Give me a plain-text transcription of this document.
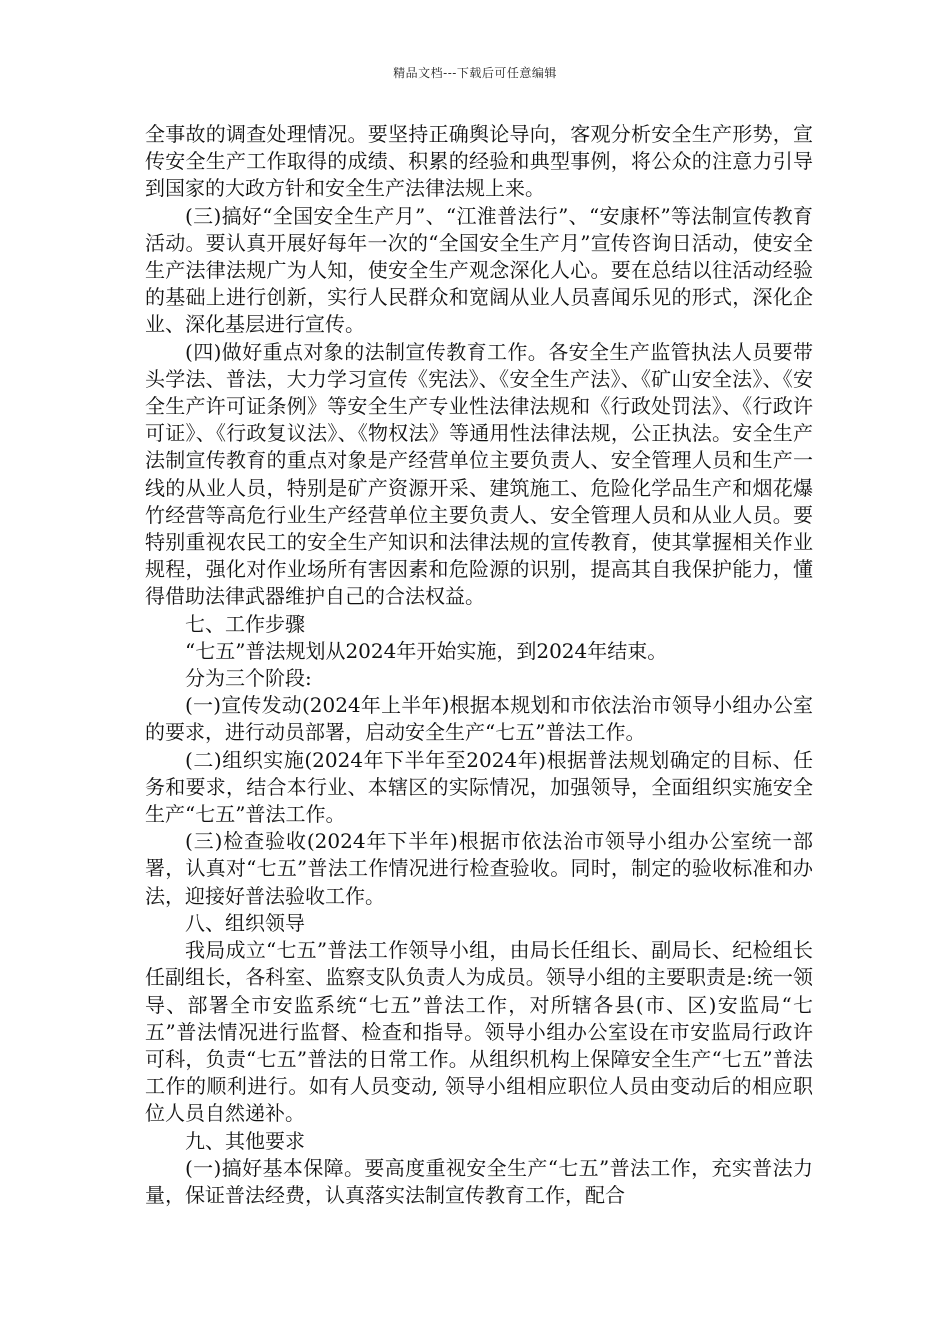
精品文档---下载后可任意编辑

全事故的调查处理情况。要坚持正确舆论导向，客观分析安全生产形势，宣传安全生产工作取得的成绩、积累的经验和典型事例，将公众的注意力引导到国家的大政方针和安全生产法律法规上来。

(三)搞好“全国安全生产月”、“江淮普法行”、“安康杯”等法制宣传教育活动。要认真开展好每年一次的“全国安全生产月”宣传咨询日活动，使安全生产法律法规广为人知，使安全生产观念深化人心。要在总结以往活动经验的基础上进行创新，实行人民群众和宽阔从业人员喜闻乐见的形式，深化企业、深化基层进行宣传。

(四)做好重点对象的法制宣传教育工作。各安全生产监管执法人员要带头学法、普法，大力学习宣传《宪法》、《安全生产法》、《矿山安全法》、《安全生产许可证条例》等安全生产专业性法律法规和《行政处罚法》、《行政许可证》、《行政复议法》、《物权法》等通用性法律法规，公正执法。安全生产法制宣传教育的重点对象是产经营单位主要负责人、安全管理人员和生产一线的从业人员，特别是矿产资源开采、建筑施工、危险化学品生产和烟花爆竹经营等高危行业生产经营单位主要负责人、安全管理人员和从业人员。要特别重视农民工的安全生产知识和法律法规的宣传教育，使其掌握相关作业规程，强化对作业场所有害因素和危险源的识别，提高其自我保护能力，懂得借助法律武器维护自己的合法权益。

七、工作步骤

“七五”普法规划从2024年开始实施，到2024年结束。

分为三个阶段:

(一)宣传发动(2024年上半年)根据本规划和市依法治市领导小组办公室的要求，进行动员部署，启动安全生产“七五”普法工作。

(二)组织实施(2024年下半年至2024年)根据普法规划确定的目标、任务和要求，结合本行业、本辖区的实际情况，加强领导，全面组织实施安全生产“七五”普法工作。

(三)检查验收(2024年下半年)根据市依法治市领导小组办公室统一部署，认真对“七五”普法工作情况进行检查验收。同时，制定的验收标准和办法，迎接好普法验收工作。

八、组织领导

我局成立“七五”普法工作领导小组，由局长任组长、副局长、纪检组长任副组长，各科室、监察支队负责人为成员。领导小组的主要职责是:统一领导、部署全市安监系统“七五”普法工作，对所辖各县(市、区)安监局“七五”普法情况进行监督、检查和指导。领导小组办公室设在市安监局行政许可科，负责“七五”普法的日常工作。从组织机构上保障安全生产“七五”普法工作的顺利进行。如有人员变动, 领导小组相应职位人员由变动后的相应职位人员自然递补。

九、其他要求

(一)搞好基本保障。要高度重视安全生产“七五”普法工作，充实普法力量，保证普法经费，认真落实法制宣传教育工作，配合
